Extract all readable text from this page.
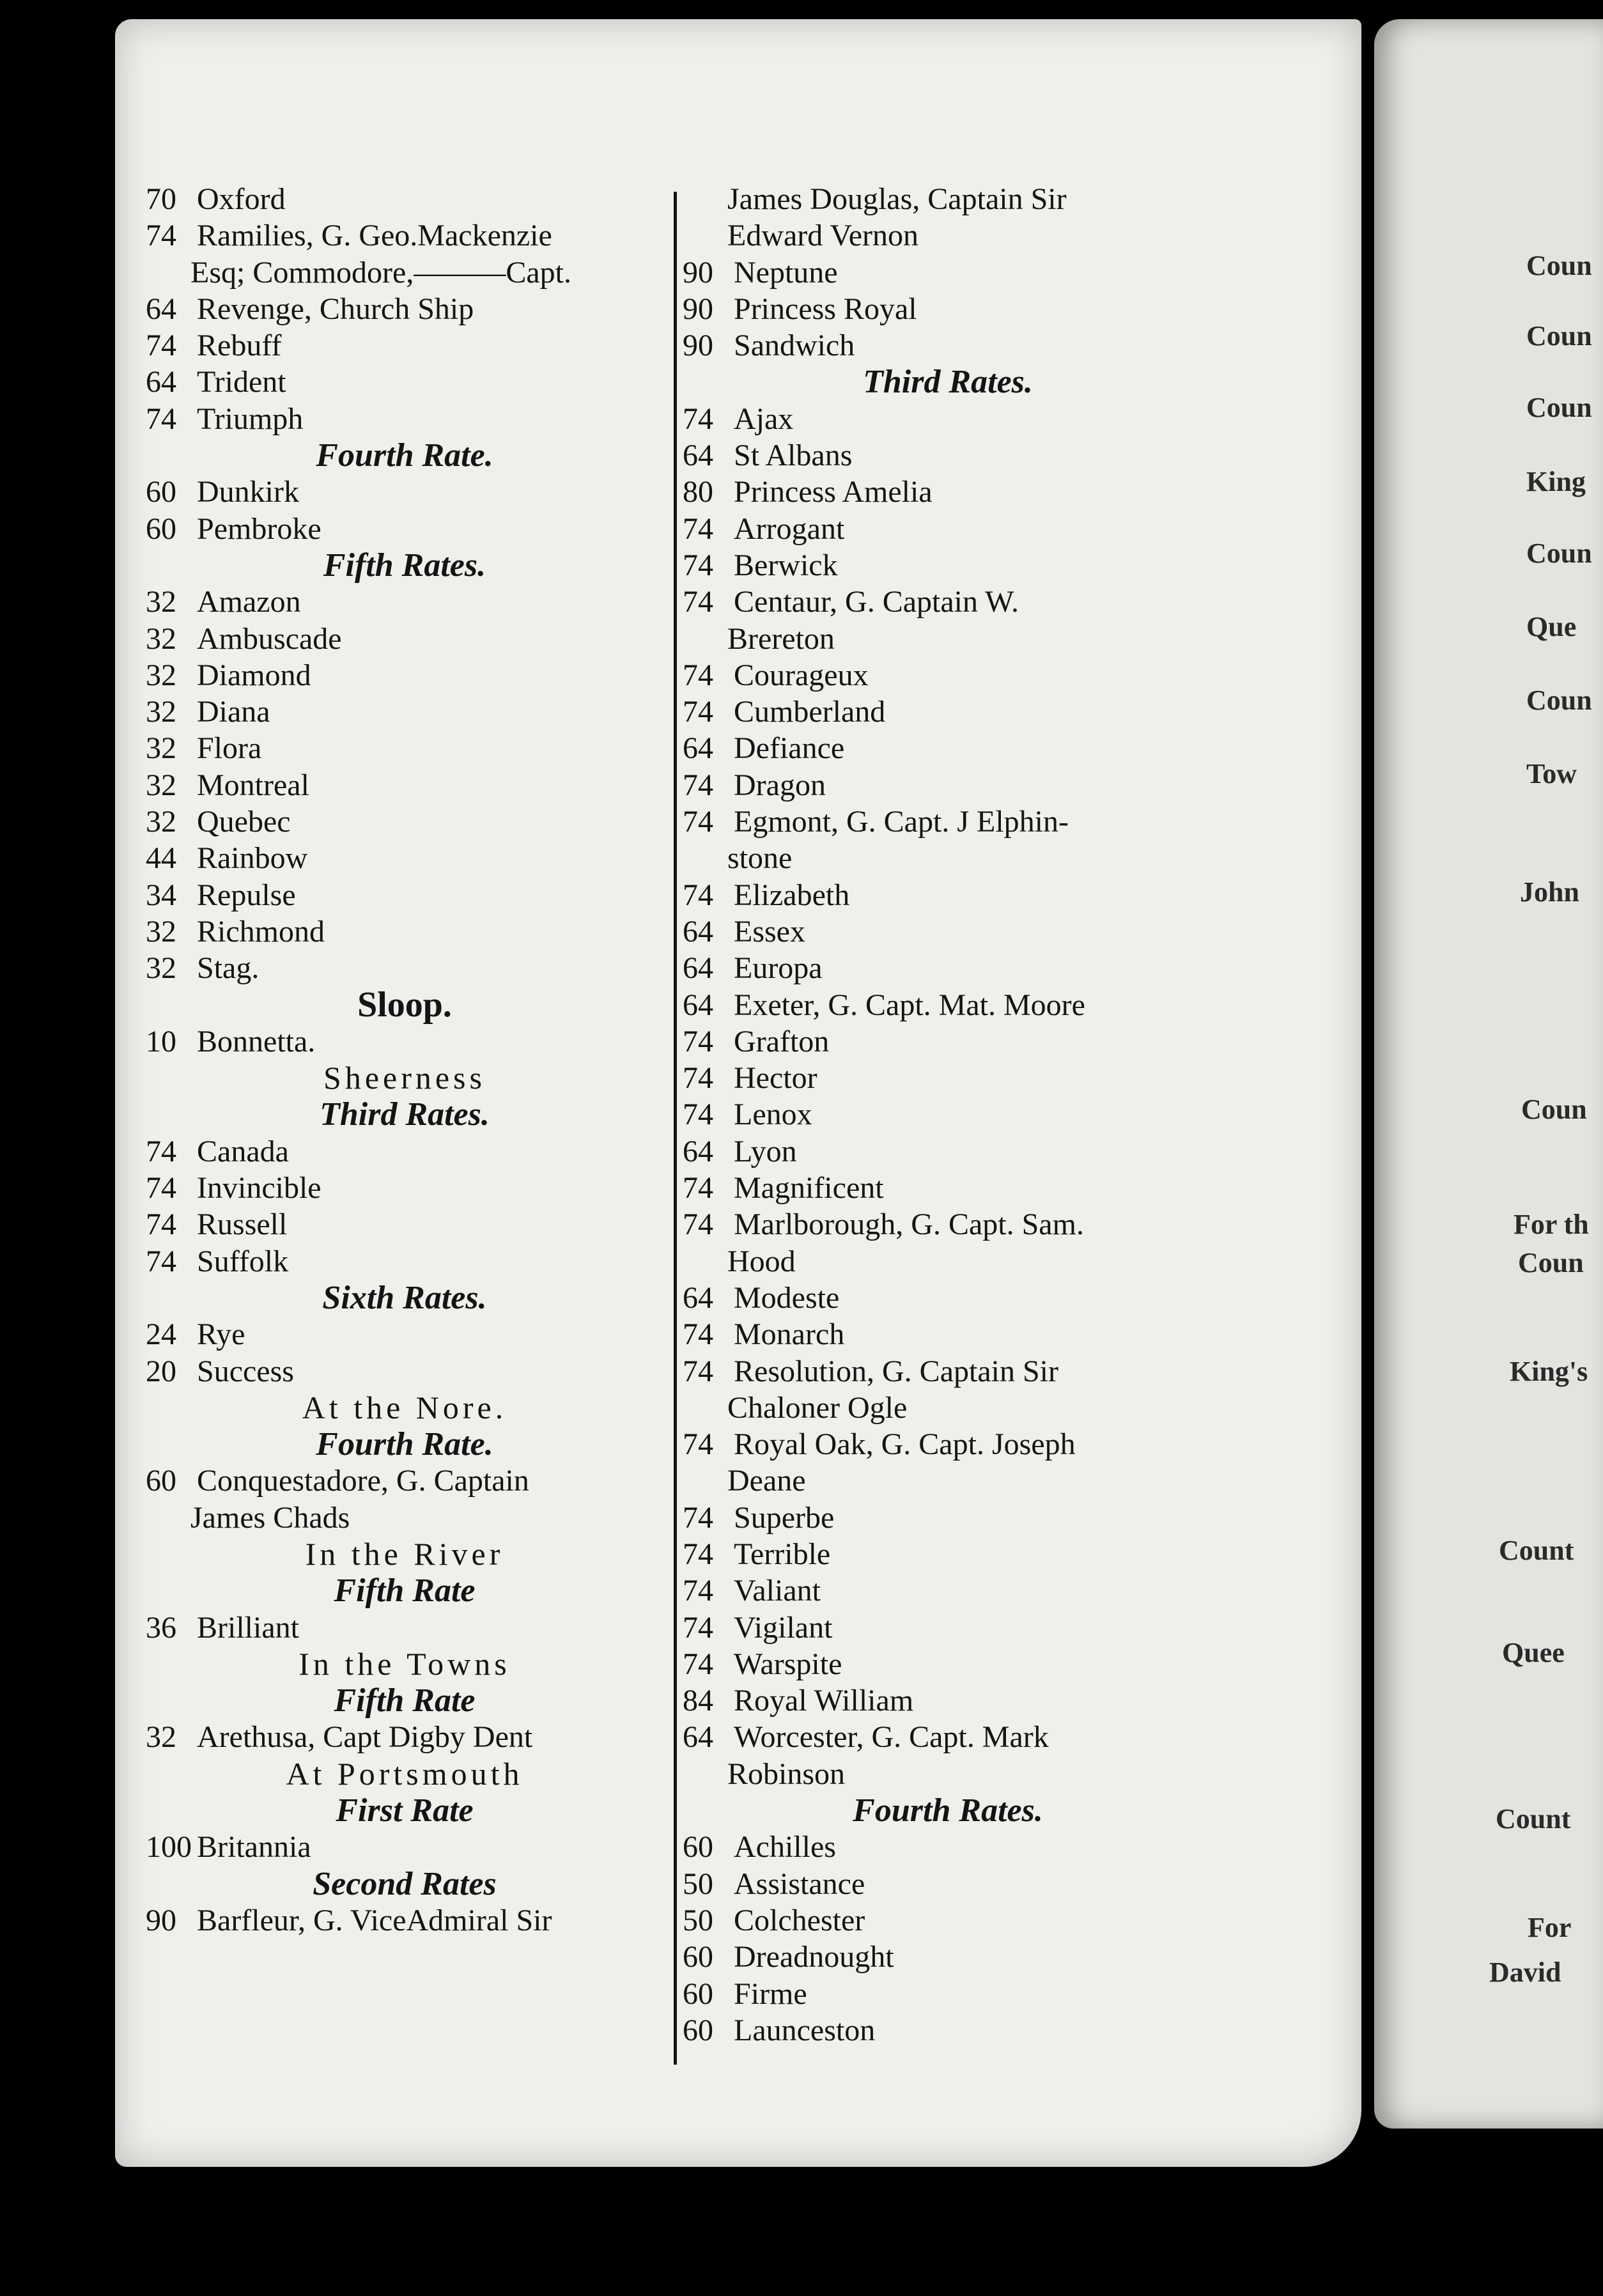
70 Oxford
74 Ramilies, G. Geo.Mackenzie
Esq; Commodore,———Capt.
64 Revenge, Church Ship
74 Rebuff
64 Trident
74 Triumph
Fourth Rate.
60 Dunkirk
60 Pembroke
Fifth Rates.
32 Amazon
32 Ambuscade
32 Diamond
32 Diana
32 Flora
32 Montreal
32 Quebec
44 Rainbow
34 Repulse
32 Richmond
32 Stag.
Sloop.
10 Bonnetta.
Sheerness
Third Rates.
74 Canada
74 Invincible
74 Russell
74 Suffolk
Sixth Rates.
24 Rye
20 Success
At the Nore.
Fourth Rate.
60 Conquestadore, G. Captain
James Chads
In the River
Fifth Rate
36 Brilliant
In the Towns
Fifth Rate
32 Arethusa, Capt Digby Dent
At Portsmouth
First Rate
100 Britannia
Second Rates
90 Barfleur, G. ViceAdmiral Sir
James Douglas, Captain Sir
Edward Vernon
90 Neptune
90 Princess Royal
90 Sandwich
Third Rates.
74 Ajax
64 St Albans
80 Princess Amelia
74 Arrogant
74 Berwick
74 Centaur, G. Captain W.
Brereton
74 Courageux
74 Cumberland
64 Defiance
74 Dragon
74 Egmont, G. Capt. J Elphin-
stone
74 Elizabeth
64 Essex
64 Europa
64 Exeter, G. Capt. Mat. Moore
74 Grafton
74 Hector
74 Lenox
64 Lyon
74 Magnificent
74 Marlborough, G. Capt. Sam.
Hood
64 Modeste
74 Monarch
74 Resolution, G. Captain Sir
Chaloner Ogle
74 Royal Oak, G. Capt. Joseph
Deane
74 Superbe
74 Terrible
74 Valiant
74 Vigilant
74 Warspite
84 Royal William
64 Worcester, G. Capt. Mark
Robinson
Fourth Rates.
60 Achilles
50 Assistance
50 Colchester
60 Dreadnought
60 Firme
60 Launceston
Coun
Coun
Coun
King
Coun
Que
Coun
Tow
John
Coun
For th
Coun
King's
Count
Quee
Count
For
David
